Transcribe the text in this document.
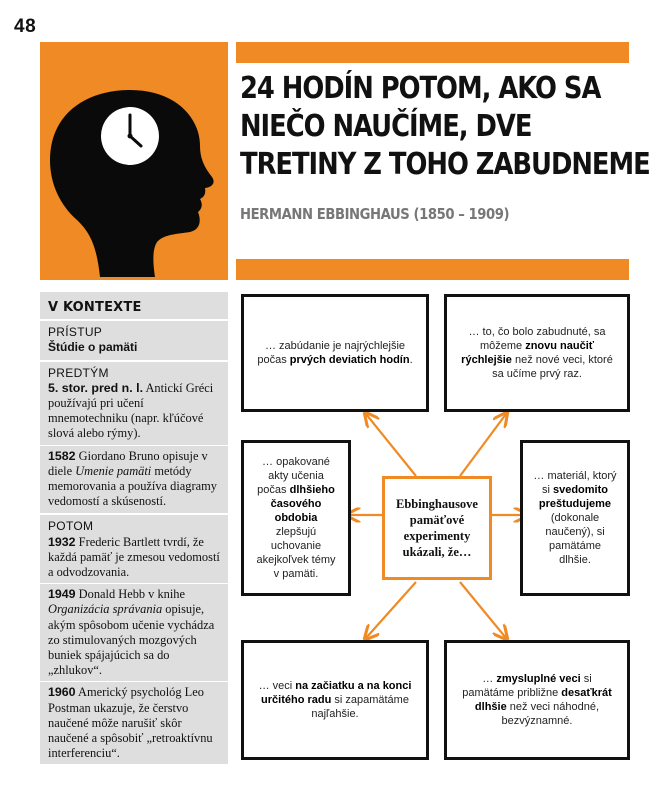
48
24 HODÍN POTOM, AKO SA
NIEČO NAUČÍME, DVE
TRETINY Z TOHO ZABUDNEME
HERMANN EBBINGHAUS (1850 – 1909)
V KONTEXTE
PRÍSTUP
Štúdie o pamäti
PREDTÝM

5. stor. pred n. l. Antickí Gréci používajú pri učení mnemotechniku (napr. kľúčové slová alebo rýmy).

1582 Giordano Bruno opisuje v diele Umenie pamäti metódy memorovania a používa diagramy vedomostí a skúseností.

POTOM

1932 Frederic Bartlett tvrdí, že každá pamäť je zmesou vedomostí a odvodzovania.

1949 Donald Hebb v knihe Organizácia správania opisuje, akým spôsobom učenie vychádza zo stimulovaných mozgových buniek spájajúcich sa do „zhlukov“.

1960 Americký psychológ Leo Postman ukazuje, že čerstvo naučené môže narušiť skôr naučené a spôsobiť „retroaktívnu interferenciu“.

… zabúdanie je najrýchlejšie počas prvých deviatich hodín.
… to, čo bolo zabudnuté, sa môžeme znovu naučiť rýchlejšie než nové veci, ktoré sa učíme prvý raz.
… opakované akty učenia počas dlhšieho časového obdobia zlepšujú uchovanie akejkoľvek témy v pamäti.
Ebbinghausove pamäťové experimenty ukázali, že…
… materiál, ktorý si svedomito preštudujeme (dokonale naučený), si pamätáme dlhšie.
… veci na začiatku a na konci určitého radu si zapamätáme najľahšie.
… zmysluplné veci si pamätáme približne desaťkrát dlhšie než veci náhodné, bezvýznamné.
